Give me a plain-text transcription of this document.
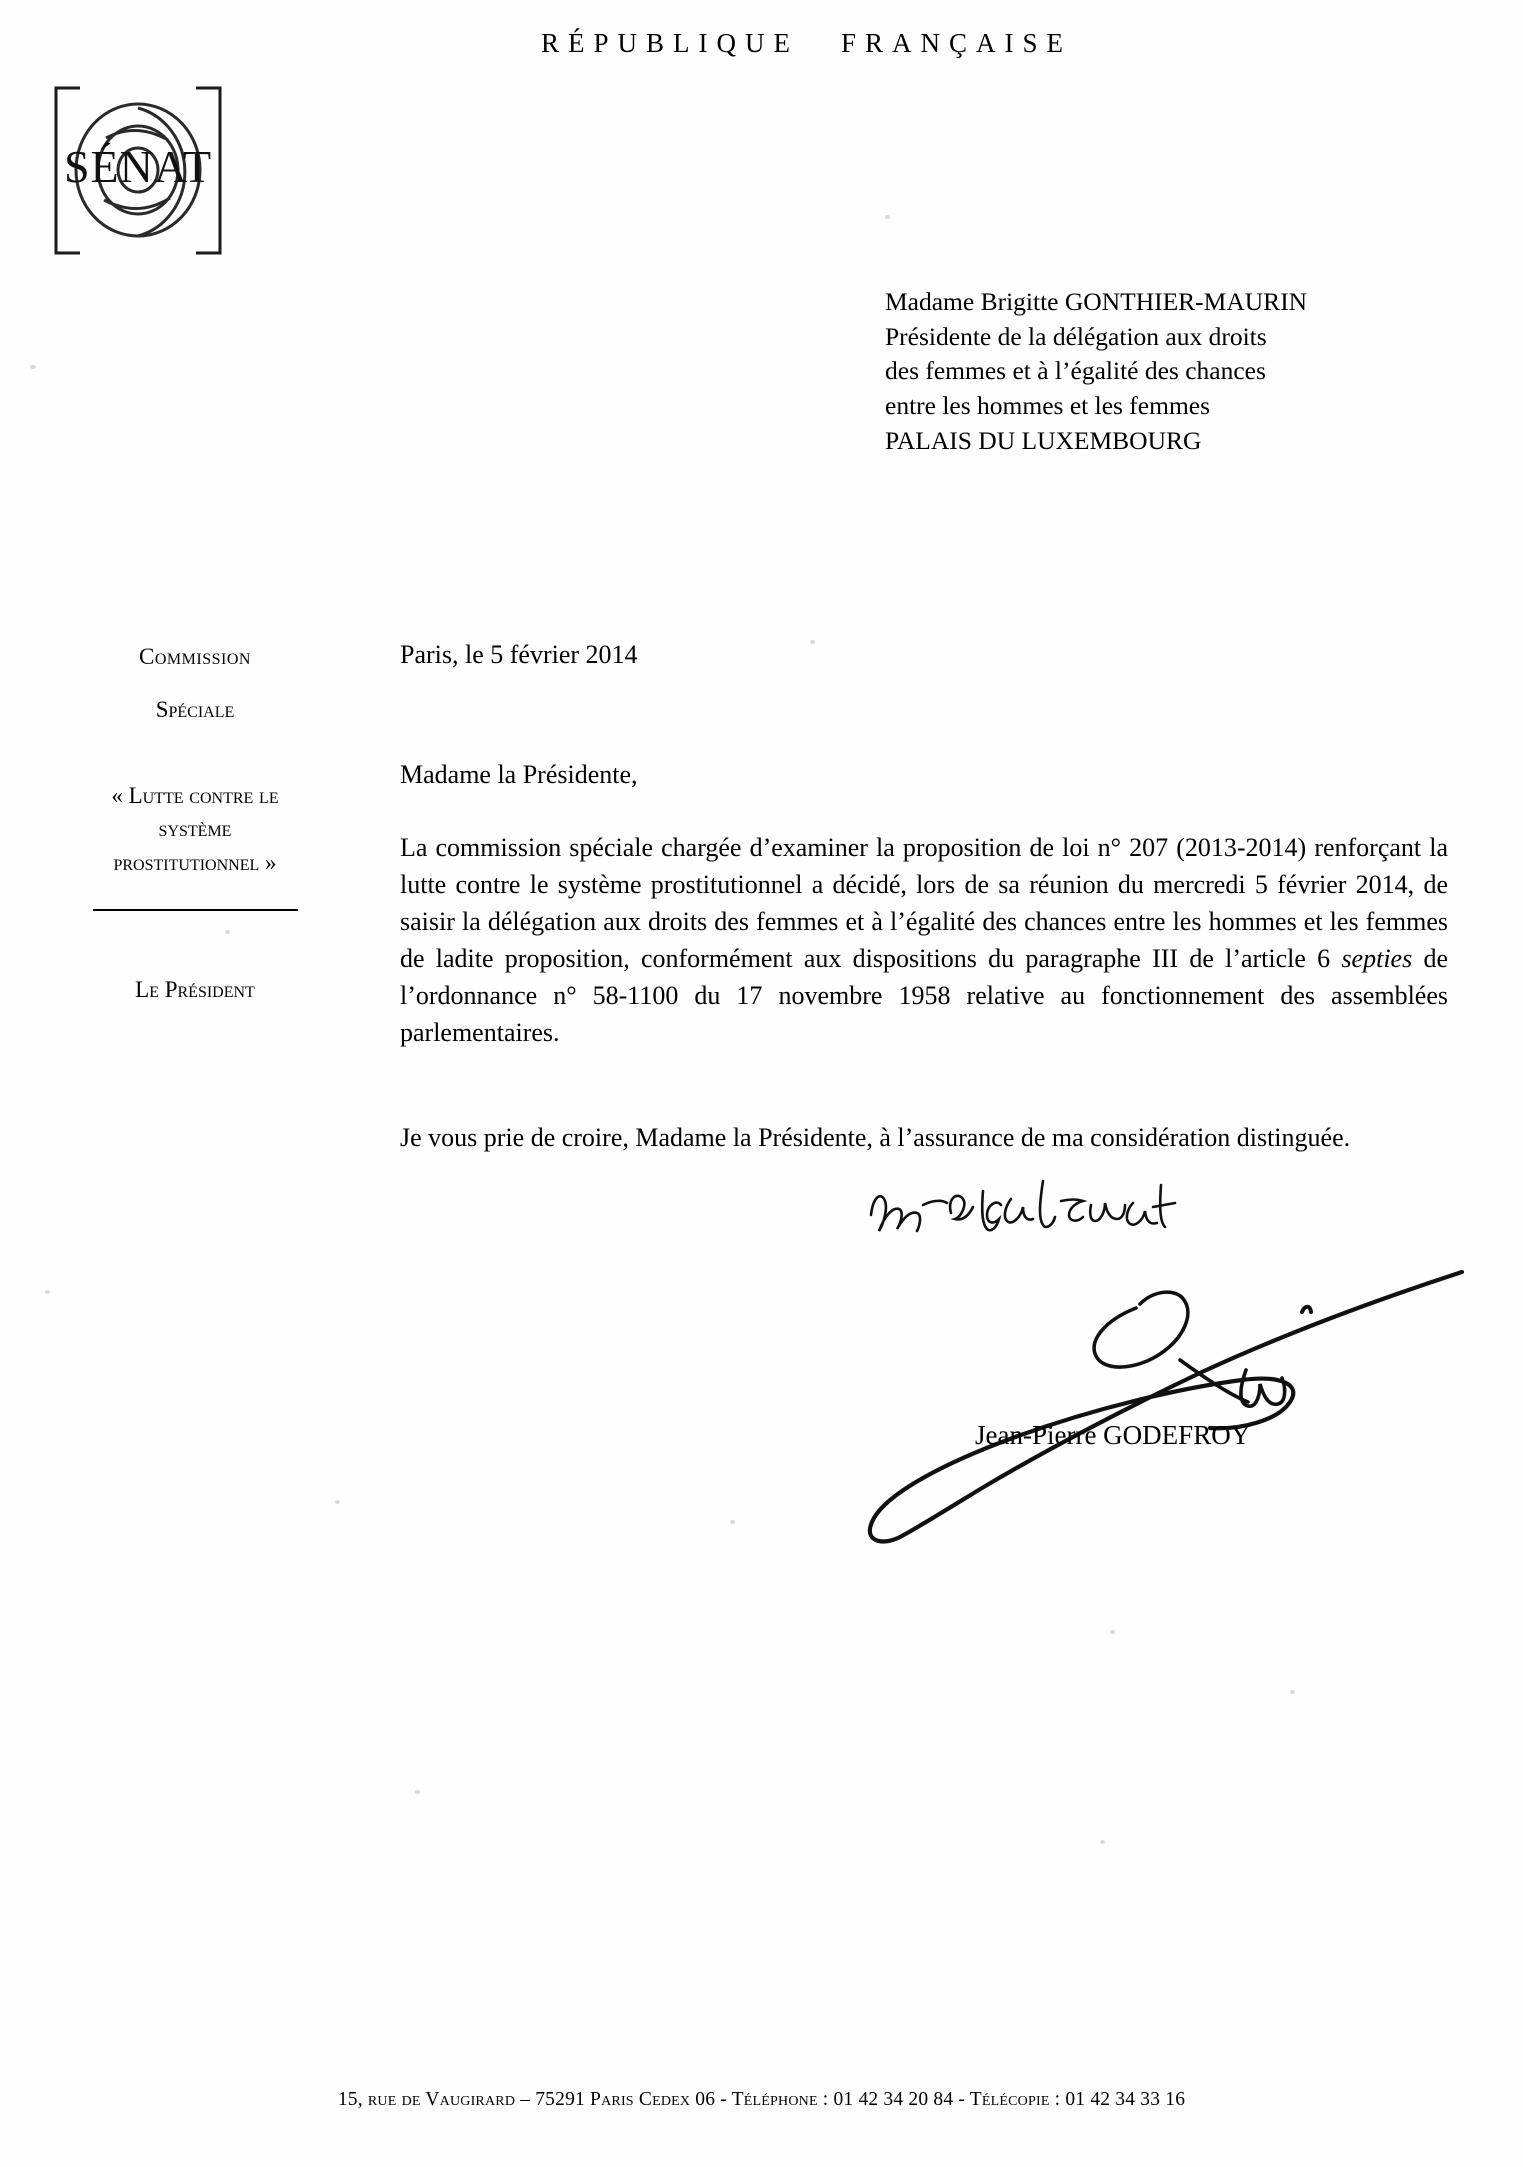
RÉPUBLIQUE FRANÇAISE
SÉNAT
Madame Brigitte GONTHIER-MAURIN
Présidente de la délégation aux droits
des femmes et à l’égalité des chances
entre les hommes et les femmes
PALAIS DU LUXEMBOURG
Commission
Spéciale
« Lutte contre le
système
prostitutionnel »
Le Président
Paris, le 5 février 2014
Madame la Présidente,
La commission spéciale chargée d’examiner la proposition de loi n° 207 (2013-2014) renforçant la lutte contre le système prostitutionnel a décidé, lors de sa réunion du mercredi 5 février 2014, de saisir la délégation aux droits des femmes et à l’égalité des chances entre les hommes et les femmes de ladite proposition, conformément aux dispositions du paragraphe III de l’article 6 septies de l’ordonnance n° 58-1100 du 17 novembre 1958 relative au fonctionnement des assemblées parlementaires.
Je vous prie de croire, Madame la Présidente, à l’assurance de ma considération distinguée.
Jean-Pierre GODEFROY
15, rue de Vaugirard – 75291 Paris Cedex 06 - Téléphone : 01 42 34 20 84 - Télécopie : 01 42 34 33 16
